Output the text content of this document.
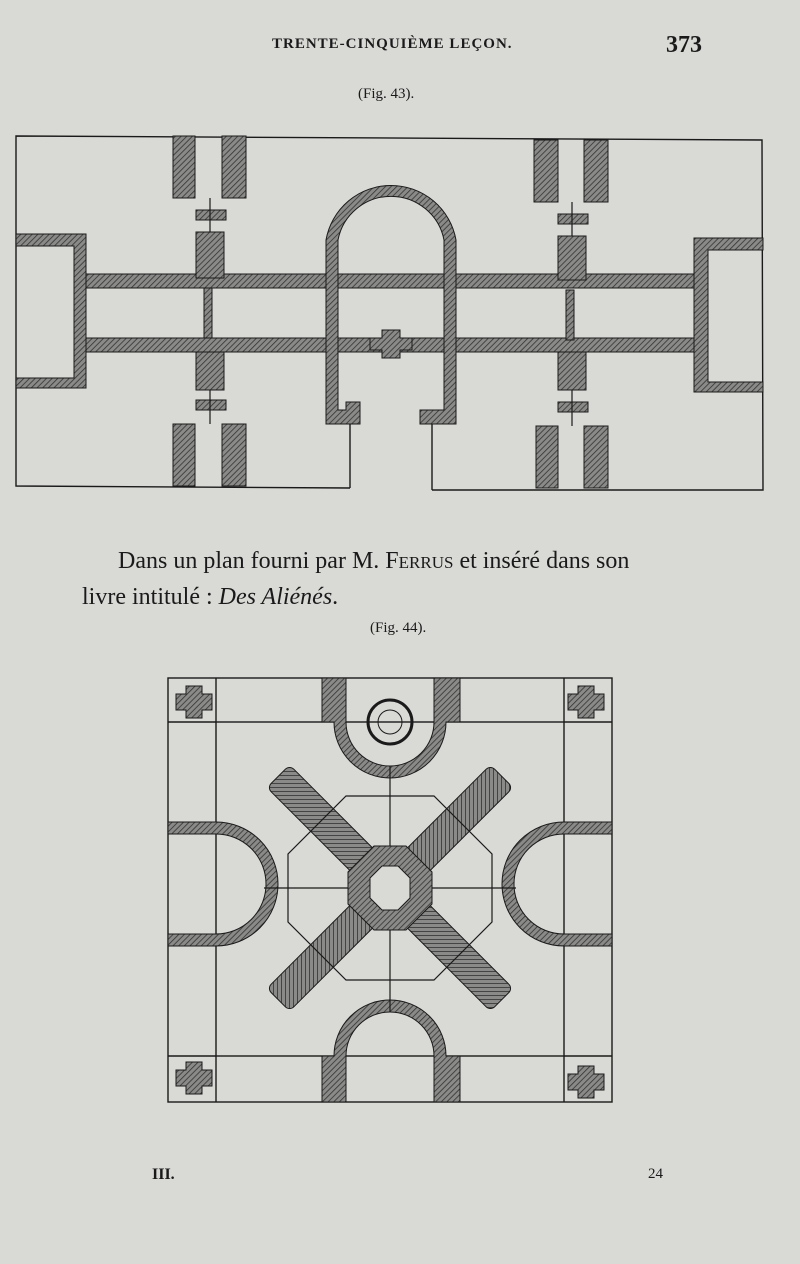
TRENTE-CINQUIÈME LEÇON.	373
(Fig. 43).
Dans un plan fourni par M. Ferrus et inséré dans son
livre intitulé : Des Aliénés.
(Fig. 44).
III.	24
